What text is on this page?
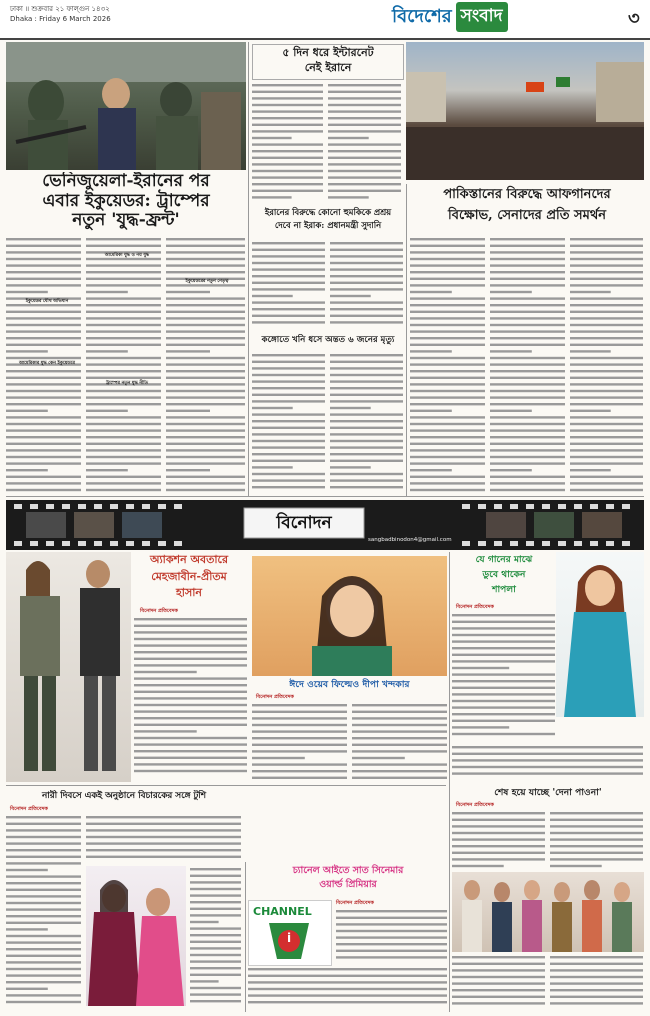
ঢাকা ॥ শুক্রবার ২১ ফাল্গুন ১৪৩২
Dhaka : Friday 6 March 2026	বিদেশের সংবাদ	৩
ভেনিজুয়েলা-ইরানের পর
এবার ইকুয়েডর: ট্রাম্পের
নতুন 'যুদ্ধ-ফ্রন্ট'
ইকুয়েডর যৌথ অভিযান
আমেরিকার যুদ্ধ কেন ইকুয়েডরে
আমেরিকা যুদ্ধ ও নয় যুদ্ধ
ট্রাম্পের নতুন যুদ্ধ নীতি
ইকুয়েডরের নতুন নেতৃত্ব
৫ দিন ধরে ইন্টারনেট
নেই ইরানে
ইরানের বিরুদ্ধে কোনো হুমকিকে প্রশ্রয়
দেবে না ইরাক: প্রধানমন্ত্রী সুদানি
পাকিস্তানের বিরুদ্ধে আফগানদের
বিক্ষোভ, সেনাদের প্রতি সমর্থন
কঙ্গোতে খনি ধসে অন্তত ৬ জনের মৃত্যু
বিনোদন
sangbadbinodon4@gmail.com
অ্যাকশন অবতারে
মেহজাবীন-প্রীতম
হাসান
বিনোদন প্রতিবেদক
ঈদে ওয়েব ফিল্মেও দীপা খন্দকার
বিনোদন প্রতিবেদক
যে গানের মাঝে
ডুবে থাকেন
শাপলা
বিনোদন প্রতিবেদক
নারী দিবসে একই অনুষ্ঠানে বিচারকের সঙ্গে টুশি
বিনোদন প্রতিবেদক
চ্যানেল আইতে সাত সিনেমার
ওয়ার্ল্ড প্রিমিয়ার
CHANNEL
i
বিনোদন প্রতিবেদক
শেষ হয়ে যাচ্ছে 'দেনা পাওনা'
বিনোদন প্রতিবেদক
